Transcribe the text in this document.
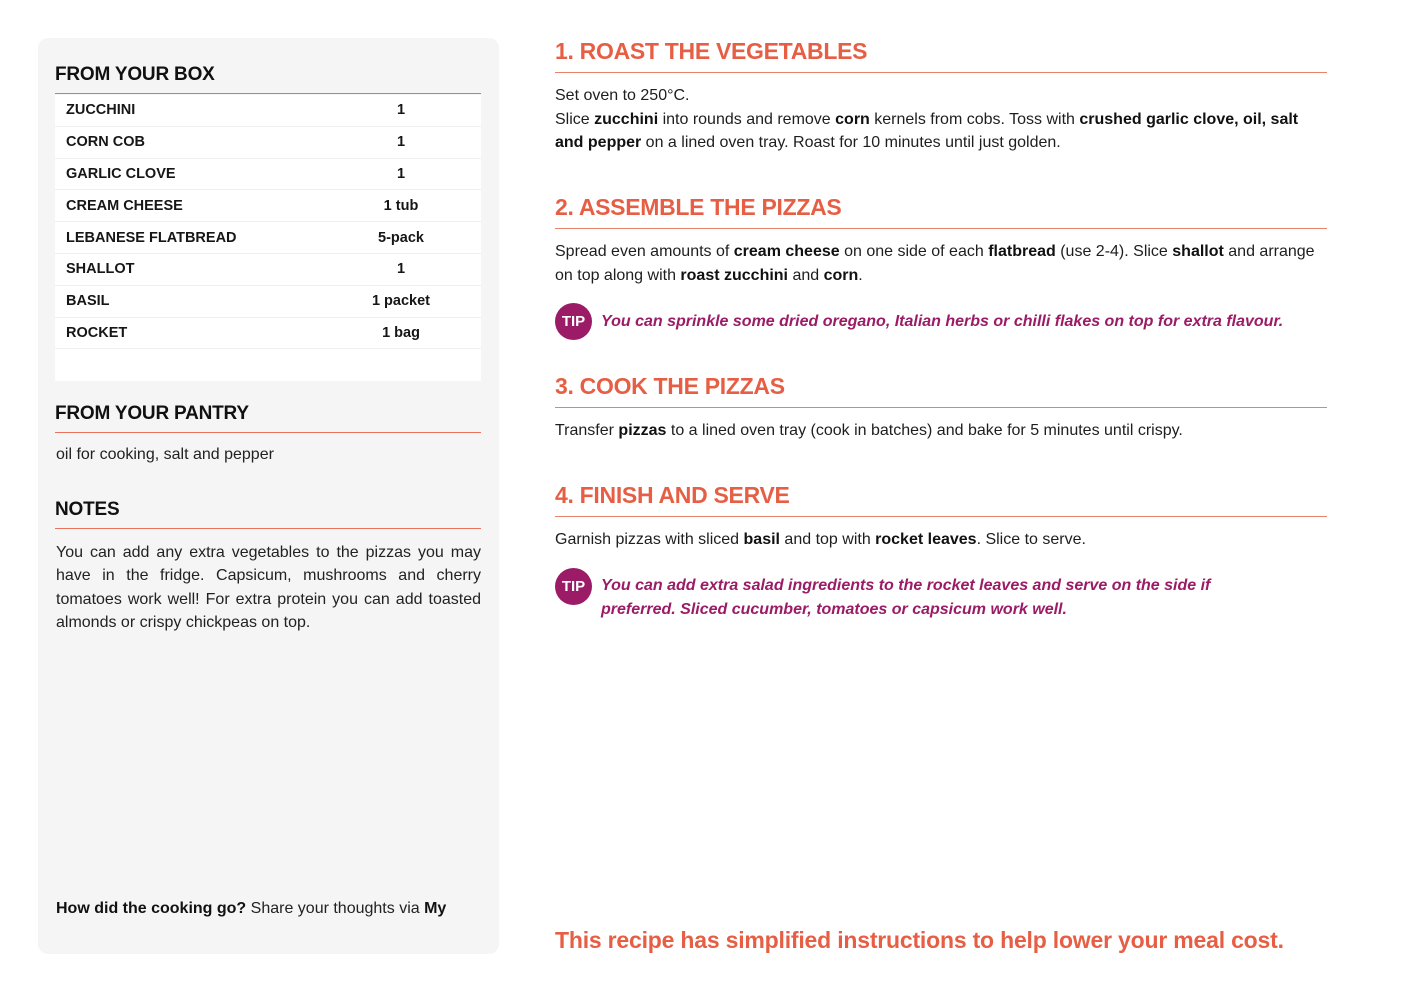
FROM YOUR BOX
ZUCCHINI	1
CORN COB	1
GARLIC CLOVE	1
CREAM CHEESE	1 tub
LEBANESE FLATBREAD	5-pack
SHALLOT	1
BASIL	1 packet
ROCKET	1 bag
FROM YOUR PANTRY
oil for cooking, salt and pepper
NOTES
You can add any extra vegetables to the pizzas you may have in the fridge. Capsicum, mushrooms and cherry tomatoes work well! For extra protein you can add toasted almonds or crispy chickpeas on top.
How did the cooking go? Share your thoughts via My
1. ROAST THE VEGETABLES
Set oven to 250°C.
Slice zucchini into rounds and remove corn kernels from cobs. Toss with crushed garlic clove, oil, salt and pepper on a lined oven tray. Roast for 10 minutes until just golden.
2. ASSEMBLE THE PIZZAS
Spread even amounts of cream cheese on one side of each flatbread (use 2-4). Slice shallot and arrange on top along with roast zucchini and corn.
TIP You can sprinkle some dried oregano, Italian herbs or chilli flakes on top for extra flavour.
3. COOK THE PIZZAS
Transfer pizzas to a lined oven tray (cook in batches) and bake for 5 minutes until crispy.
4. FINISH AND SERVE
Garnish pizzas with sliced basil and top with rocket leaves. Slice to serve.
TIP You can add extra salad ingredients to the rocket leaves and serve on the side if preferred. Sliced cucumber, tomatoes or capsicum work well.
This recipe has simplified instructions to help lower your meal cost.
